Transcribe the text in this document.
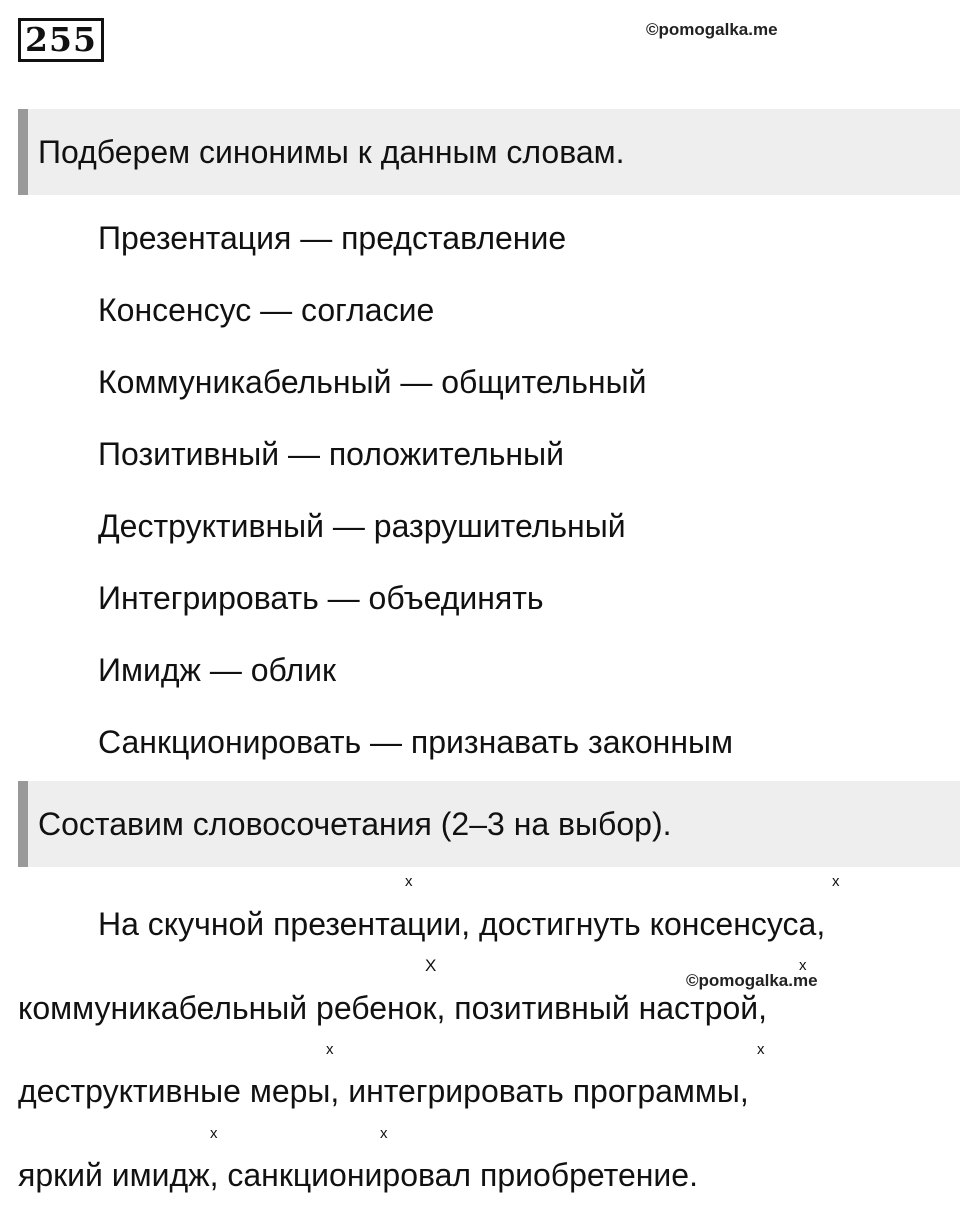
255	©pomogalka.me
Подберем синонимы к данным словам.
Презентация — представление
Консенсус — согласие
Коммуникабельный — общительный
Позитивный — положительный
Деструктивный — разрушительный
Интегрировать — объединять
Имидж — облик
Санкционировать — признавать законным
Составим словосочетания (2–3 на выбор).
x	x
X	x
x	x
x	x
©pomogalka.me
На скучной презентации, достигнуть консенсуса,
коммуникабельный ребенок, позитивный настрой,
деструктивные меры, интегрировать программы,
яркий имидж, санкционировал приобретение.
